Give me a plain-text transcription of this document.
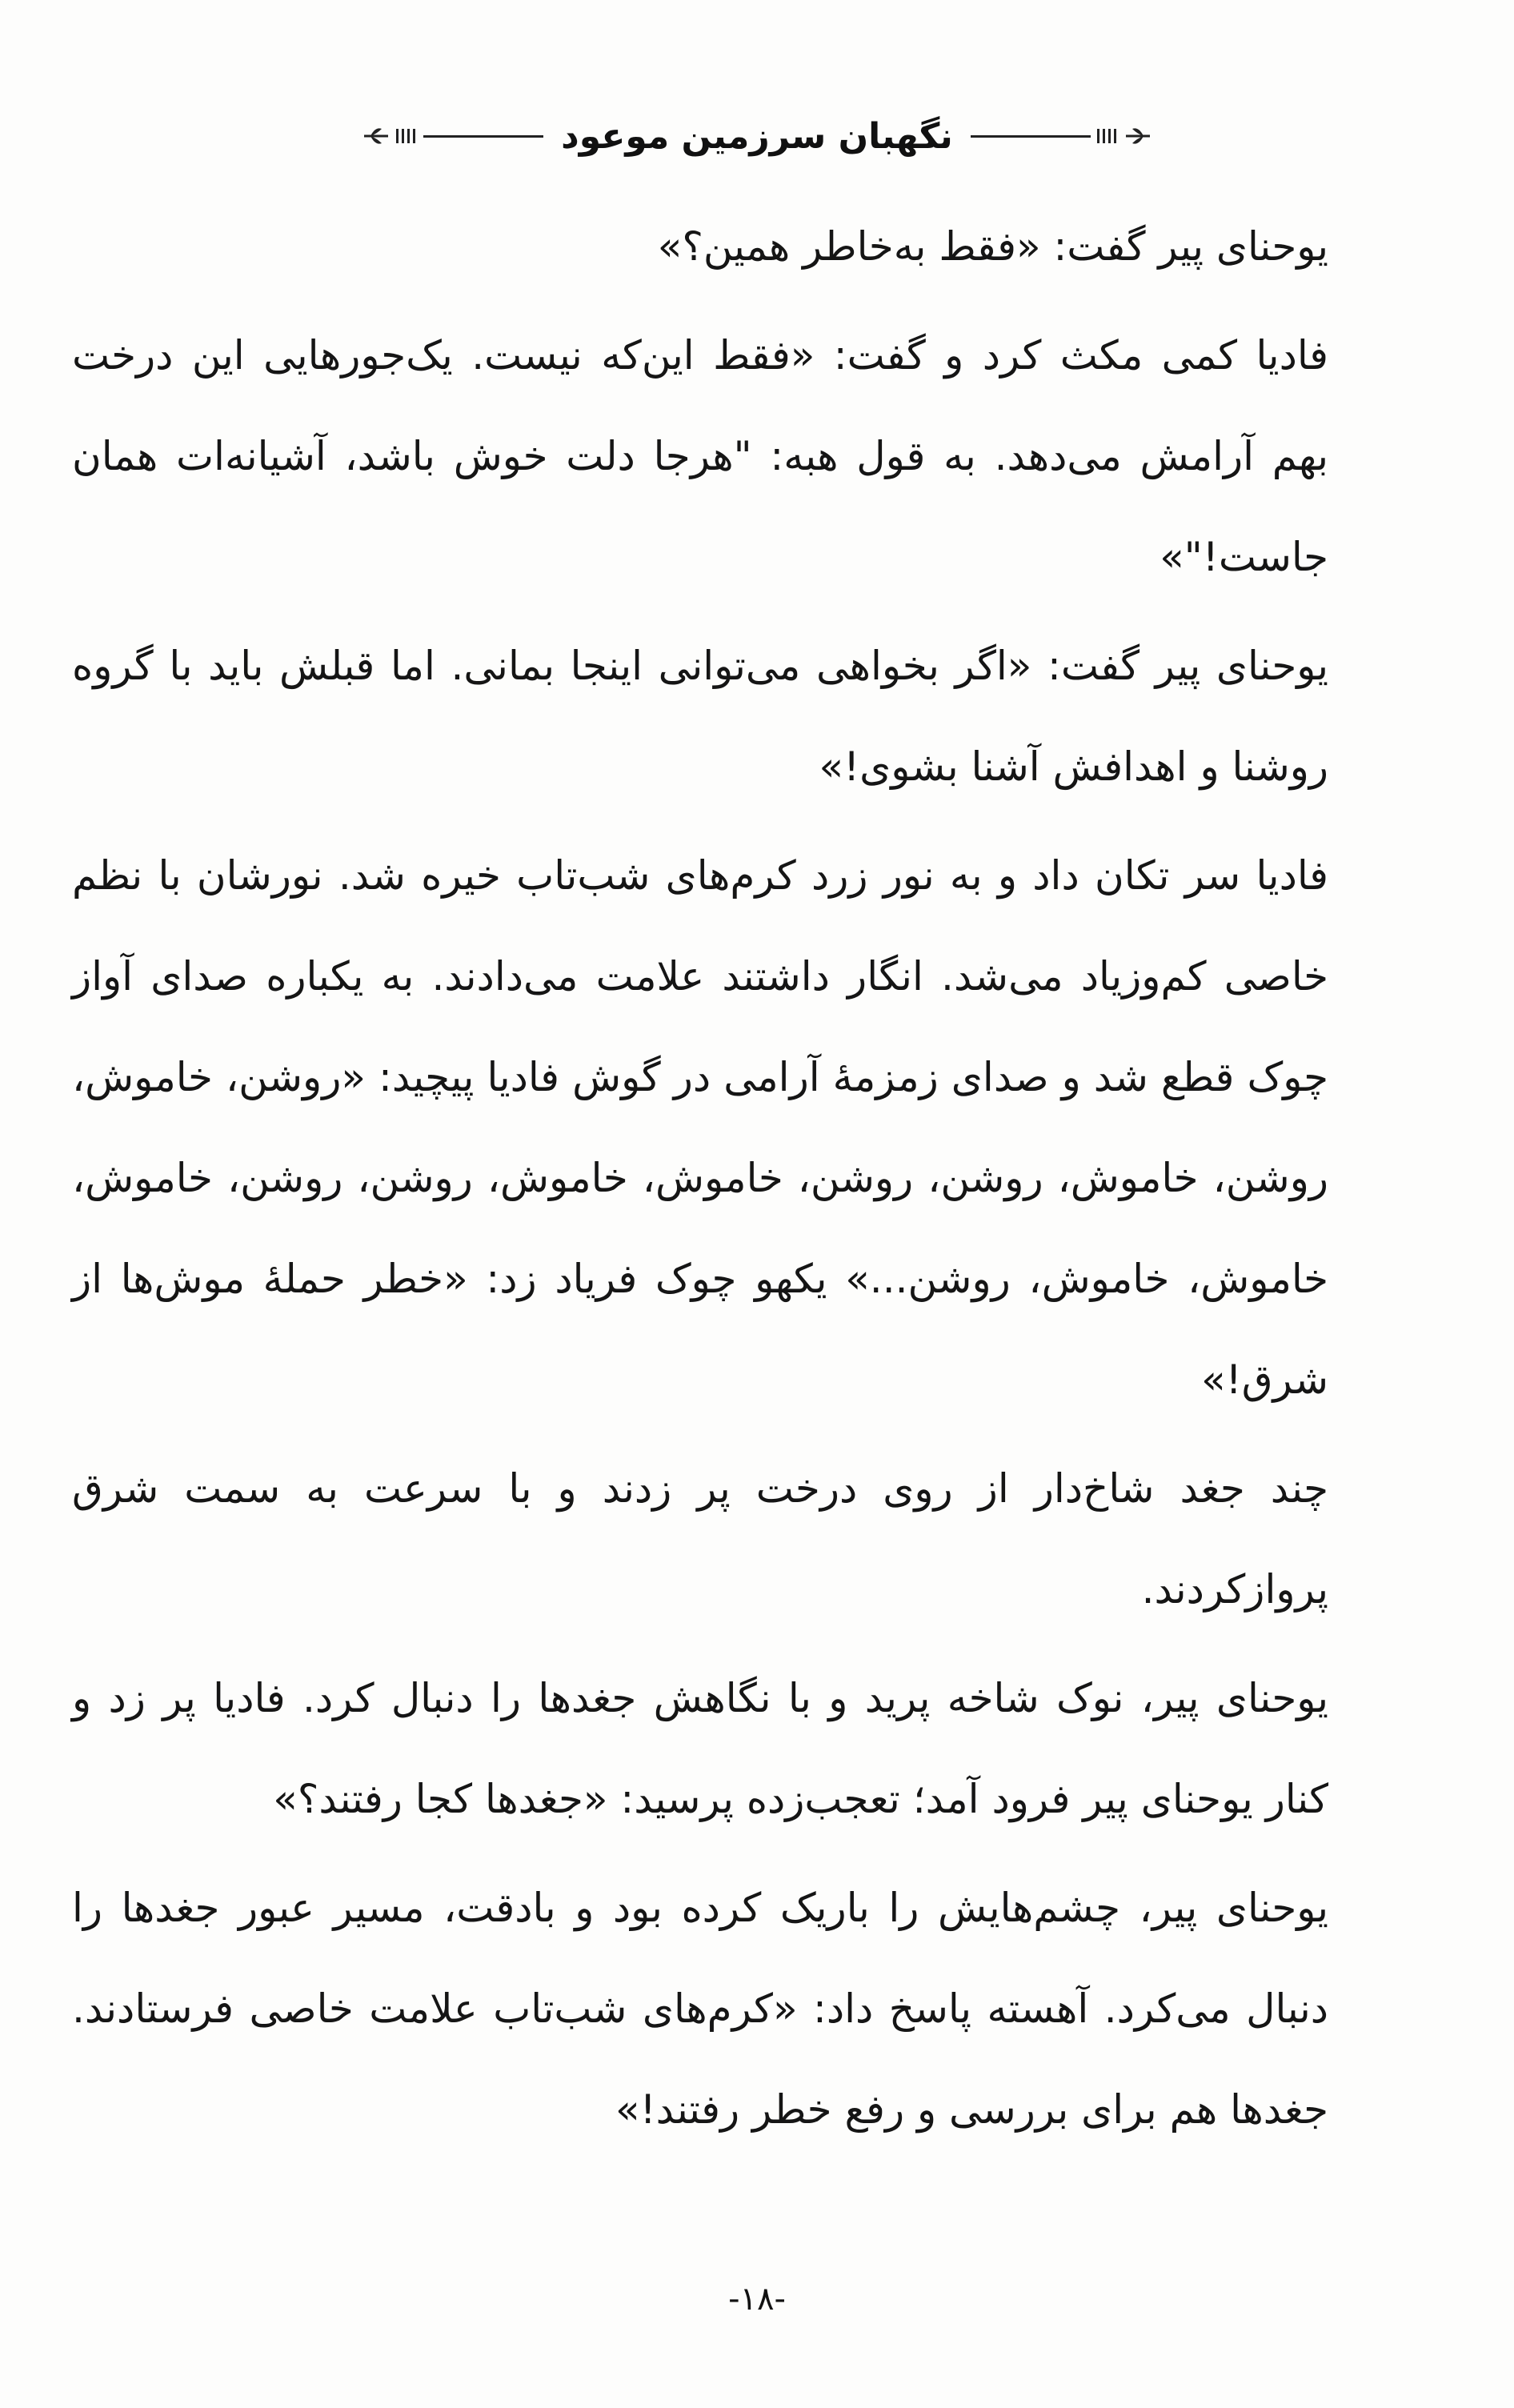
نگهبان سرزمین موعود

یوحنای پیر گفت: «فقط به‌خاطر همین؟»

فادیا کمی مکث کرد و گفت: «فقط این‌که نیست. یک‌جورهایی این درخت بهم آرامش می‌دهد. به قول هبه: "هرجا دلت خوش باشد، آشیانه‌ات همان جاست!"»

یوحنای پیر گفت: «اگر بخواهی می‌توانی اینجا بمانی. اما قبلش باید با گروه روشنا و اهدافش آشنا بشوی!»

فادیا سر تکان داد و به نور زرد کرم‌های شب‌تاب خیره شد. نورشان با نظم خاصی کم‌وزیاد می‌شد. انگار داشتند علامت می‌دادند. به یکباره صدای آواز چوک قطع شد و صدای زمزمهٔ آرامی در گوش فادیا پیچید: «روشن، خاموش، روشن، خاموش، روشن، روشن، خاموش، خاموش، روشن، روشن، خاموش، خاموش، خاموش، روشن...» یکهو چوک فریاد زد: «خطر حملهٔ موش‌ها از شرق!»

چند جغد شاخ‌دار از روی درخت پر زدند و با سرعت به سمت شرق پروازکردند.

یوحنای پیر، نوک شاخه پرید و با نگاهش جغدها را دنبال کرد. فادیا پر زد و کنار یوحنای پیر فرود آمد؛ تعجب‌زده پرسید: «جغدها کجا رفتند؟»

یوحنای پیر، چشم‌هایش را باریک کرده بود و بادقت، مسیر عبور جغدها را دنبال می‌کرد. آهسته پاسخ داد: «کرم‌های شب‌تاب علامت خاصی فرستادند. جغدها هم برای بررسی و رفع خطر رفتند!»

-۱۸-
